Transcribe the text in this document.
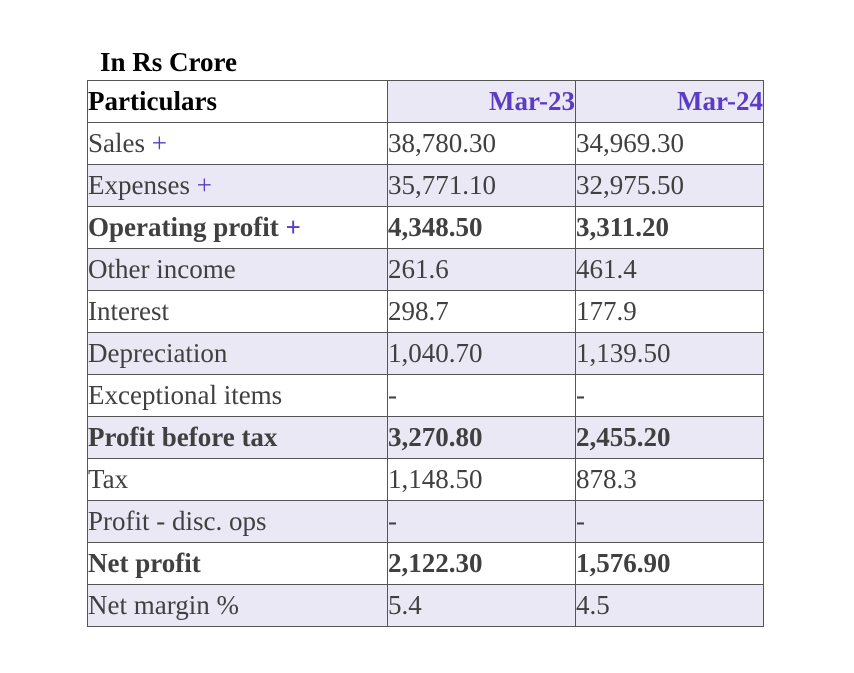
In Rs Crore
Particulars	Mar-23	Mar-24
Sales +	38,780.30	34,969.30
Expenses +	35,771.10	32,975.50
Operating profit +	4,348.50	3,311.20
Other income	261.6	461.4
Interest	298.7	177.9
Depreciation	1,040.70	1,139.50
Exceptional items	-	-
Profit before tax	3,270.80	2,455.20
Tax	1,148.50	878.3
Profit - disc. ops	-	-
Net profit	2,122.30	1,576.90
Net margin %	5.4	4.5
